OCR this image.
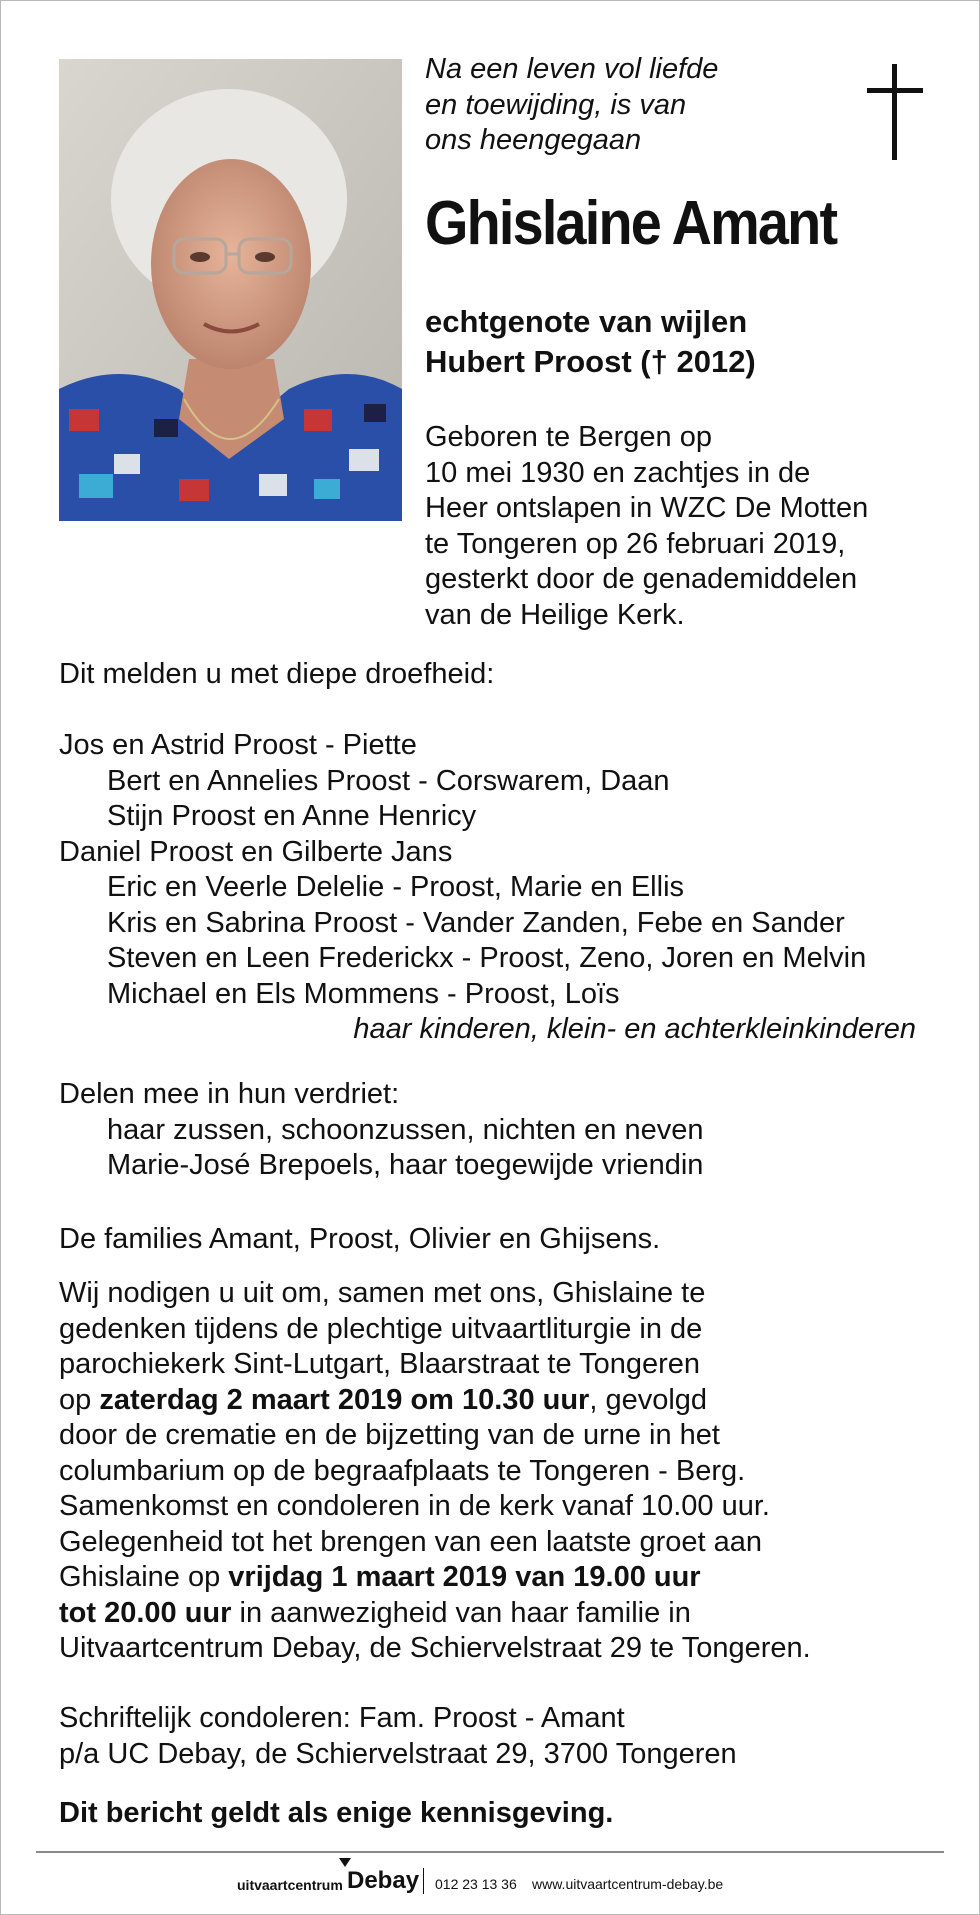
Na een leven vol liefde
en toewijding, is van
ons heengegaan
Ghislaine Amant
echtgenote van wijlen
Hubert Proost († 2012)
Geboren te Bergen op
10 mei 1930 en zachtjes in de
Heer ontslapen in WZC De Motten
te Tongeren op 26 februari 2019,
gesterkt door de genademiddelen
van de Heilige Kerk.
Dit melden u met diepe droefheid:
Jos en Astrid Proost - Piette
Bert en Annelies Proost - Corswarem, Daan
Stijn Proost en Anne Henricy
Daniel Proost en Gilberte Jans
Eric en Veerle Delelie - Proost, Marie en Ellis
Kris en Sabrina Proost - Vander Zanden, Febe en Sander
Steven en Leen Frederickx - Proost, Zeno, Joren en Melvin
Michael en Els Mommens - Proost, Loïs
haar kinderen, klein- en achterkleinkinderen
Delen mee in hun verdriet:
haar zussen, schoonzussen, nichten en neven
Marie-José Brepoels, haar toegewijde vriendin
De families Amant, Proost, Olivier en Ghijsens.
Wij nodigen u uit om, samen met ons, Ghislaine te
gedenken tijdens de plechtige uitvaartliturgie in de
parochiekerk Sint-Lutgart, Blaarstraat te Tongeren
op zaterdag 2 maart 2019 om 10.30 uur, gevolgd
door de crematie en de bijzetting van de urne in het
columbarium op de begraafplaats te Tongeren - Berg.
Samenkomst en condoleren in de kerk vanaf 10.00 uur.
Gelegenheid tot het brengen van een laatste groet aan
Ghislaine op vrijdag 1 maart 2019 van 19.00 uur
tot 20.00 uur in aanwezigheid van haar familie in
Uitvaartcentrum Debay, de Schiervelstraat 29 te Tongeren.
Schriftelijk condoleren: Fam. Proost - Amant
p/a UC Debay, de Schiervelstraat 29, 3700 Tongeren
Dit bericht geldt als enige kennisgeving.
uitvaartcentrum Debay 012 23 13 36 www.uitvaartcentrum-debay.be
